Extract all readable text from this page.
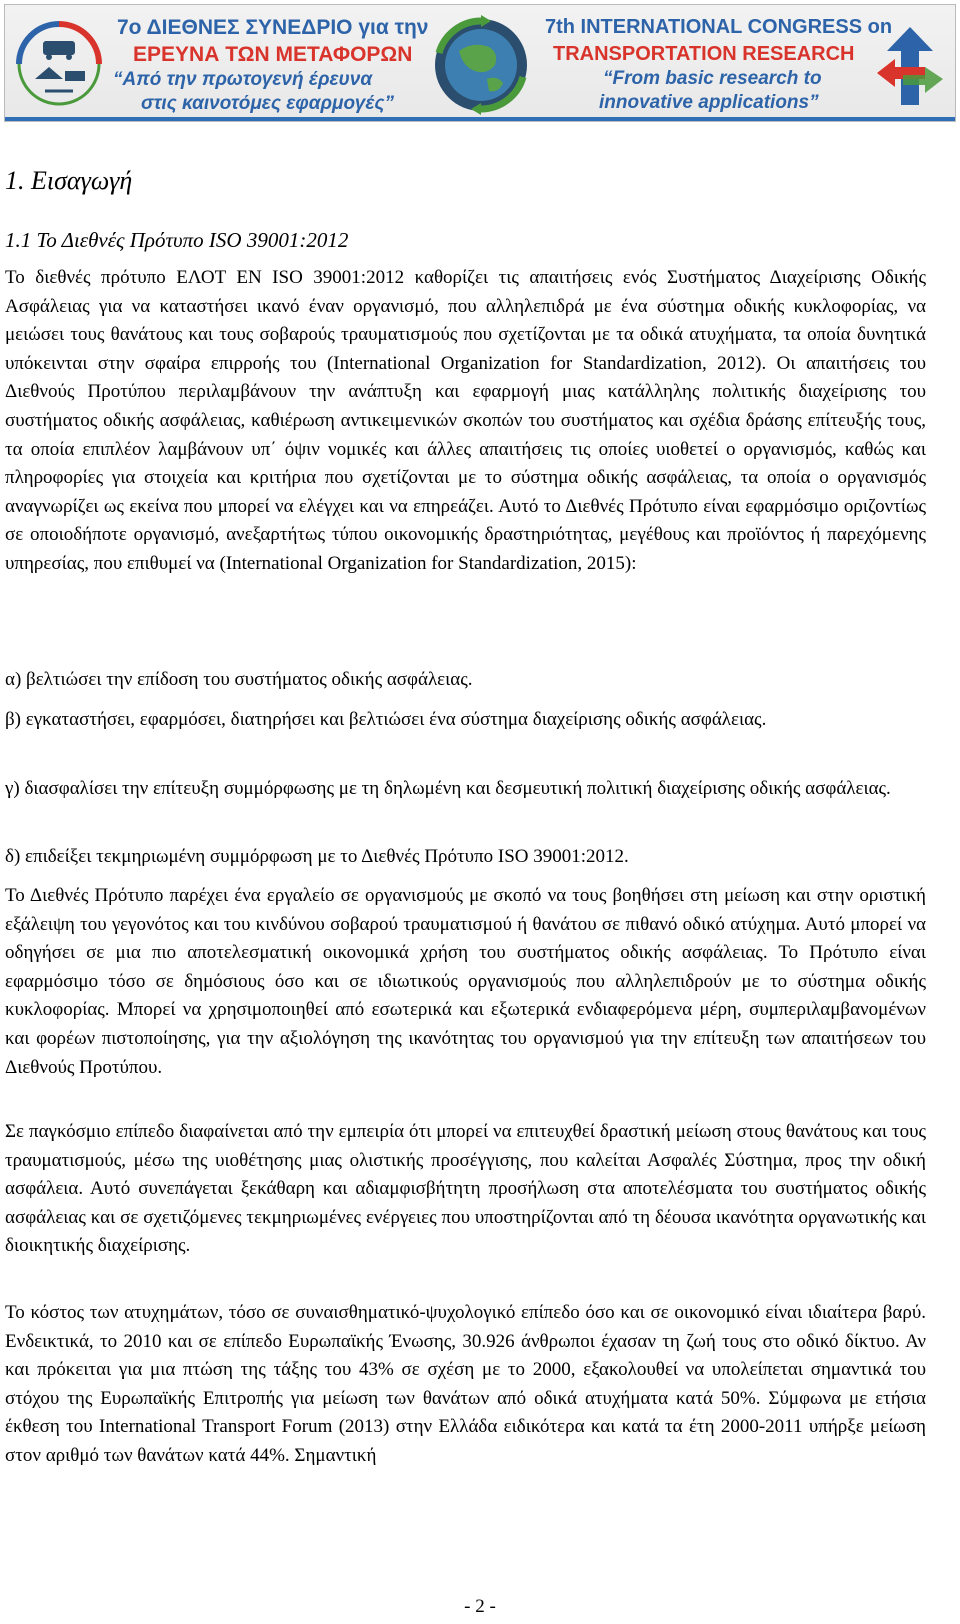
7ο ΔΙΕΘΝΕΣ ΣΥΝΕΔΡΙΟ για την
ΕΡΕΥΝΑ ΤΩΝ ΜΕΤΑΦΟΡΩΝ
“Από την πρωτογενή έρευνα
στις καινοτόμες εφαρμογές”
7th INTERNATIONAL CONGRESS on
TRANSPORTATION RESEARCH
“From basic research to
innovative applications”
1. Εισαγωγή
1.1 Το Διεθνές Πρότυπο ISO 39001:2012

Το διεθνές πρότυπο ΕΛΟΤ ΕΝ ISO 39001:2012 καθορίζει τις απαιτήσεις ενός Συστήματος Διαχείρισης Οδικής Ασφάλειας για να καταστήσει ικανό έναν οργανισμό, που αλληλεπιδρά με ένα σύστημα οδικής κυκλοφορίας, να μειώσει τους θανάτους και τους σοβαρούς τραυματισμούς που σχετίζονται με τα οδικά ατυχήματα, τα οποία δυνητικά υπόκεινται στην σφαίρα επιρροής του (International Organization for Standardization, 2012). Οι απαιτήσεις του Διεθνούς Προτύπου περιλαμβάνουν την ανάπτυξη και εφαρμογή μιας κατάλληλης πολιτικής διαχείρισης του συστήματος οδικής ασφάλειας, καθιέρωση αντικειμενικών σκοπών του συστήματος και σχέδια δράσης επίτευξής τους, τα οποία επιπλέον λαμβάνουν υπ΄ όψιν νομικές και άλλες απαιτήσεις τις οποίες υιοθετεί ο οργανισμός, καθώς και πληροφορίες για στοιχεία και κριτήρια που σχετίζονται με το σύστημα οδικής ασφάλειας, τα οποία ο οργανισμός αναγνωρίζει ως εκείνα που μπορεί να ελέγχει και να επηρεάζει. Αυτό το Διεθνές Πρότυπο είναι εφαρμόσιμο οριζοντίως σε οποιοδήποτε οργανισμό, ανεξαρτήτως τύπου οικονομικής δραστηριότητας, μεγέθους και προϊόντος ή παρεχόμενης υπηρεσίας, που επιθυμεί να (International Organization for Standardization, 2015):

α) βελτιώσει την επίδοση του συστήματος οδικής ασφάλειας.

β) εγκαταστήσει, εφαρμόσει, διατηρήσει και βελτιώσει ένα σύστημα διαχείρισης οδικής ασφάλειας.

γ) διασφαλίσει την επίτευξη συμμόρφωσης με τη δηλωμένη και δεσμευτική πολιτική διαχείρισης οδικής ασφάλειας.

δ) επιδείξει τεκμηριωμένη συμμόρφωση με το Διεθνές Πρότυπο ISO 39001:2012.

Το Διεθνές Πρότυπο παρέχει ένα εργαλείο σε οργανισμούς με σκοπό να τους βοηθήσει στη μείωση και στην οριστική εξάλειψη του γεγονότος και του κινδύνου σοβαρού τραυματισμού ή θανάτου σε πιθανό οδικό ατύχημα. Αυτό μπορεί να οδηγήσει σε μια πιο αποτελεσματική οικονομικά χρήση του συστήματος οδικής ασφάλειας. Το Πρότυπο είναι εφαρμόσιμο τόσο σε δημόσιους όσο και σε ιδιωτικούς οργανισμούς που αλληλεπιδρούν με το σύστημα οδικής κυκλοφορίας. Μπορεί να χρησιμοποιηθεί από εσωτερικά και εξωτερικά ενδιαφερόμενα μέρη, συμπεριλαμβανομένων και φορέων πιστοποίησης, για την αξιολόγηση της ικανότητας του οργανισμού για την επίτευξη των απαιτήσεων του Διεθνούς Προτύπου.

Σε παγκόσμιο επίπεδο διαφαίνεται από την εμπειρία ότι μπορεί να επιτευχθεί δραστική μείωση στους θανάτους και τους τραυματισμούς, μέσω της υιοθέτησης μιας ολιστικής προσέγγισης, που καλείται Ασφαλές Σύστημα, προς την οδική ασφάλεια. Αυτό συνεπάγεται ξεκάθαρη και αδιαμφισβήτητη προσήλωση στα αποτελέσματα του συστήματος οδικής ασφάλειας και σε σχετιζόμενες τεκμηριωμένες ενέργειες που υποστηρίζονται από τη δέουσα ικανότητα οργανωτικής και διοικητικής διαχείρισης.

Το κόστος των ατυχημάτων, τόσο σε συναισθηματικό-ψυχολογικό επίπεδο όσο και σε οικονομικό είναι ιδιαίτερα βαρύ. Ενδεικτικά, το 2010 και σε επίπεδο Ευρωπαϊκής Ένωσης, 30.926 άνθρωποι έχασαν τη ζωή τους στο οδικό δίκτυο. Αν και πρόκειται για μια πτώση της τάξης του 43% σε σχέση με το 2000, εξακολουθεί να υπολείπεται σημαντικά του στόχου της Ευρωπαϊκής Επιτροπής για μείωση των θανάτων από οδικά ατυχήματα κατά 50%. Σύμφωνα με ετήσια έκθεση του International Transport Forum (2013) στην Ελλάδα ειδικότερα και κατά τα έτη 2000-2011 υπήρξε μείωση στον αριθμό των θανάτων κατά 44%. Σημαντική

- 2 -
